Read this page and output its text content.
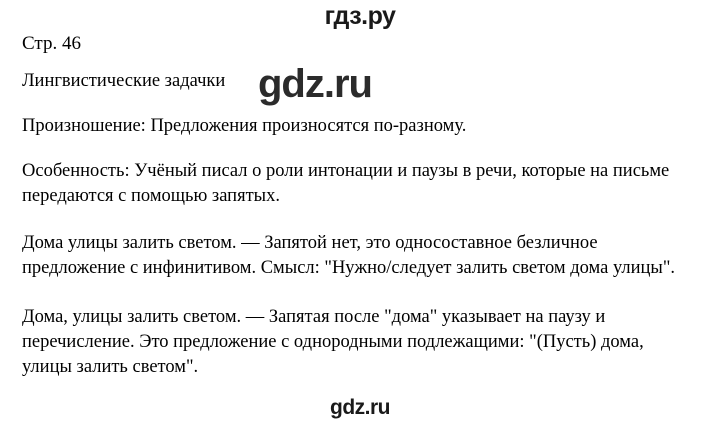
гдз.ру
Стр. 46
Лингвистические задачки
Произношение: Предложения произносятся по-разному.
Особенность: Учёный писал о роли интонации и паузы в речи, которые на письме передаются с помощью запятых.
Дома улицы залить светом. — Запятой нет, это односоставное безличное предложение с инфинитивом. Смысл: "Нужно/следует залить светом дома улицы".
Дома, улицы залить светом. — Запятая после "дома" указывает на паузу и перечисление. Это предложение с однородными подлежащими: "(Пусть) дома, улицы залить светом".
gdz.ru
gdz.ru
